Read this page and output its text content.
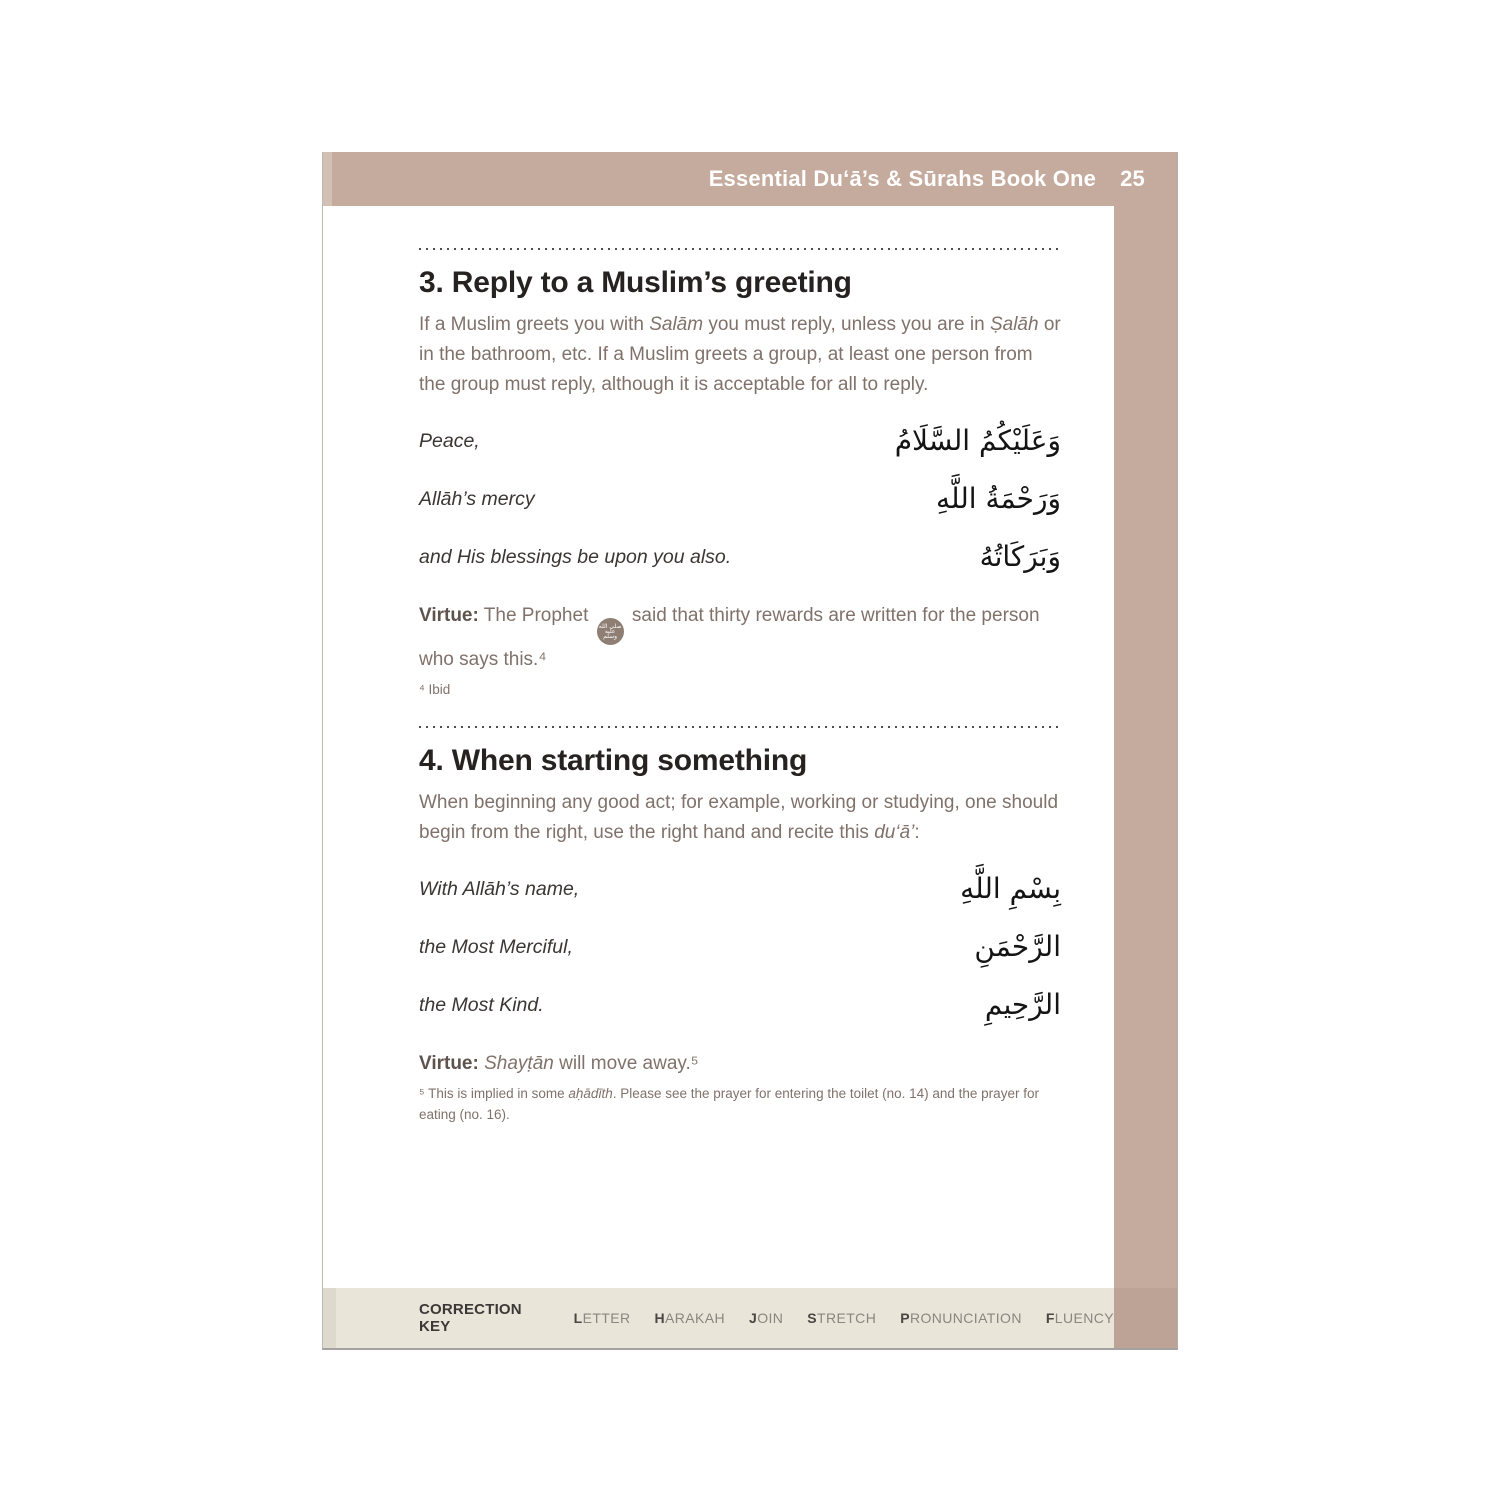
Essential Du‘ā’s & Sūrahs Book One 25
3. Reply to a Muslim’s greeting

If a Muslim greets you with Salām you must reply, unless you are in Ṣalāh or in the bathroom, etc. If a Muslim greets a group, at least one person from the group must reply, although it is acceptable for all to reply.

Peace,	وَعَلَيْكُمُ السَّلَامُ
Allāh’s mercy	وَرَحْمَةُ اللَّهِ
and His blessings be upon you also.	وَبَرَكَاتُهُ

Virtue: The Prophet صلى الله عليه وسلم said that thirty rewards are written for the person who says this.⁴

⁴ Ibid

4. When starting something

When beginning any good act; for example, working or studying, one should begin from the right, use the right hand and recite this du‘ā’:

With Allāh’s name,	بِسْمِ اللَّهِ
the Most Merciful,	الرَّحْمَنِ
the Most Kind.	الرَّحِيمِ

Virtue: Shayṭān will move away.⁵

⁵ This is implied in some aḥādīth. Please see the prayer for entering the toilet (no. 14) and the prayer for eating (no. 16).

CORRECTION KEY	LETTER HARAKAH JOIN STRETCH PRONUNCIATION FLUENCY
